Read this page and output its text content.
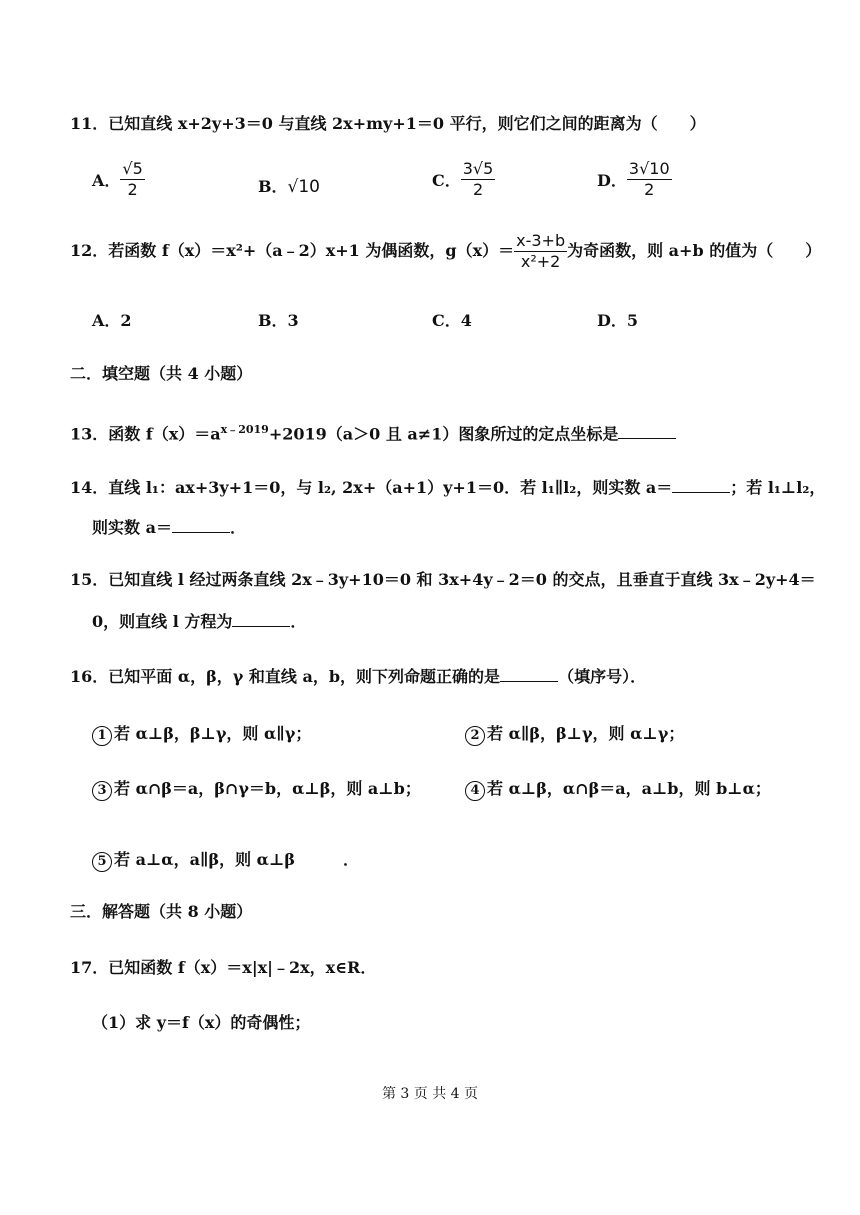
11．已知直线 x+2y+3＝0 与直线 2x+my+1＝0 平行，则它们之间的距离为（　　）
A． $\frac{√5}{2}$	B．√10	C． $\frac{3√5}{2}$	D． $\frac{3√10}{2}$
12．若函数 f（x）＝x²+（a﹣2）x+1 为偶函数，$g(x)= \frac{x-3+b}{\text{x²+2}}$ 为奇函数，则 a+b 的值为（　　）
A．2	B．3	C．4	D．5
二．填空题（共 4 小题）
13．函数 $f(x)=a^{x﹣2019}+2019(a>0$ 且 a≠1）图象所过的定点坐标是
14．直线 l₁：ax+3y+1＝0，与 l₂, 2x+（a+1）y+1＝0．若 l₁∥l₂，则实数 a＝	；若 l₁⊥l₂，
则实数 a＝	．
15．已知直线 l 经过两条直线 2x﹣3y+10＝0 和 3x+4y﹣2＝0 的交点，且垂直于直线 3x﹣2y+4＝
0，则直线 l 方程为	．
16．已知平面 α，β，γ 和直线 a，b，则下列命题正确的是	（填序号）．
1 若 α⊥β，β⊥γ，则 α∥γ；	2 若 α∥β，β⊥γ，则 α⊥γ；
3 若 α∩β＝a，β∩γ＝b，α⊥β，则 a⊥b；	4 若 α⊥β，α∩β＝a，a⊥b，则 b⊥α；
5 若 a⊥α，a∥β，则 α⊥β　　　．
三．解答题（共 8 小题）
17．已知函数 f（x）＝x|x|﹣2x，x∈R．
（1）求 y＝f（x）的奇偶性；
第 3 页 共 4 页
